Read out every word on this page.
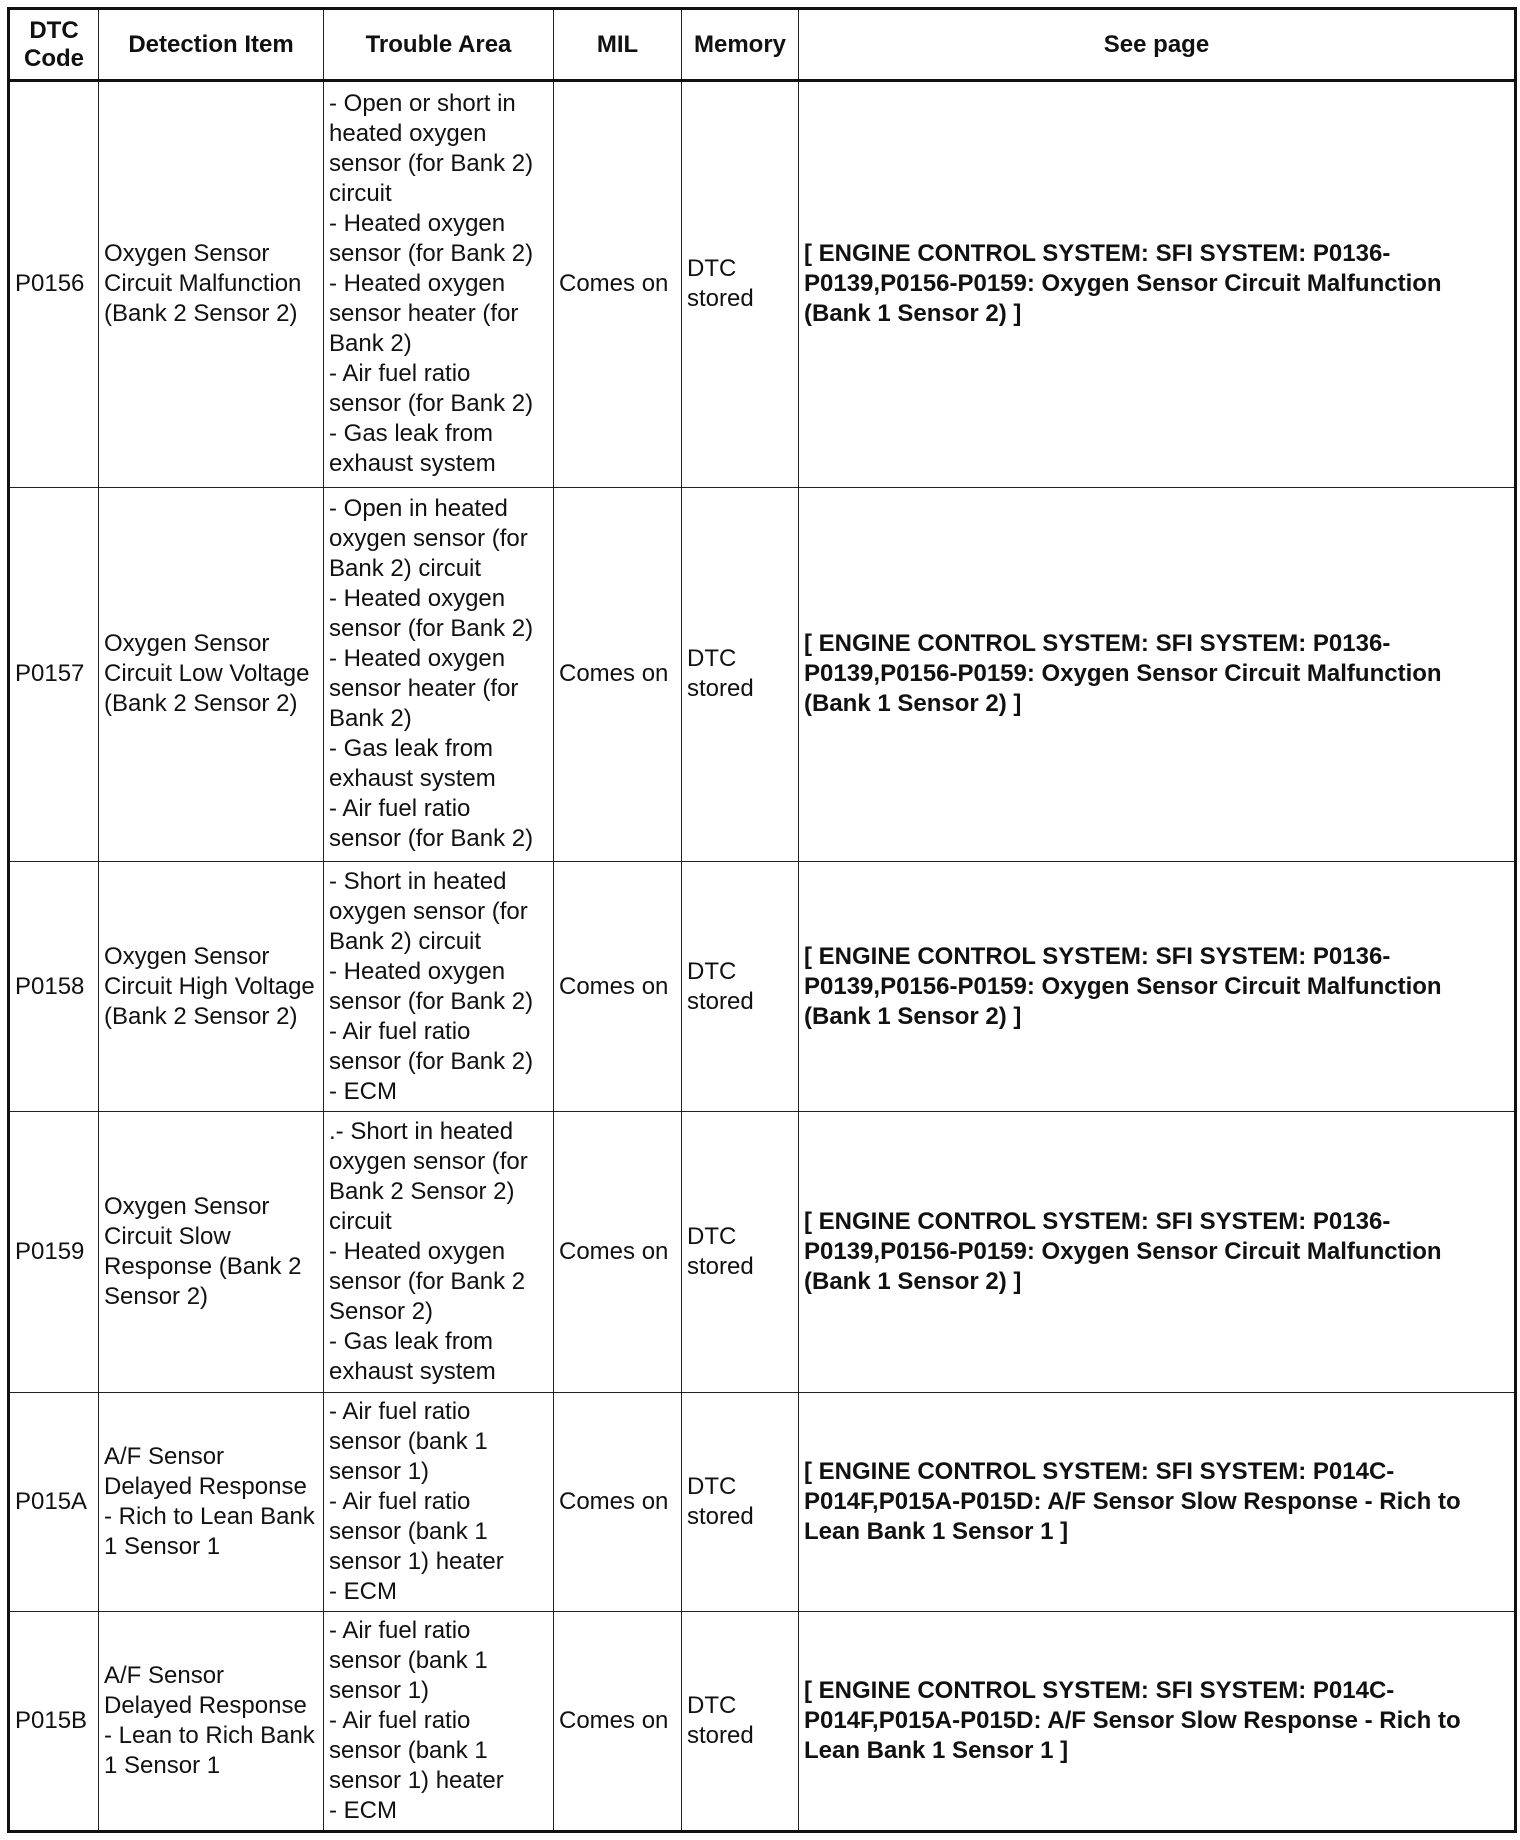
DTC Code	Detection Item	Trouble Area	MIL	Memory	See page
P0156	Oxygen Sensor Circuit Malfunction (Bank 2 Sensor 2)	- Open or short in heated oxygen sensor (for Bank 2) circuit
- Heated oxygen sensor (for Bank 2)
- Heated oxygen sensor heater (for Bank 2)
- Air fuel ratio sensor (for Bank 2)
- Gas leak from exhaust system	Comes on	DTC stored	[ ENGINE CONTROL SYSTEM: SFI SYSTEM: P0136-P0139,P0156-P0159: Oxygen Sensor Circuit Malfunction (Bank 1 Sensor 2) ]
P0157	Oxygen Sensor Circuit Low Voltage (Bank 2 Sensor 2)	- Open in heated oxygen sensor (for Bank 2) circuit
- Heated oxygen sensor (for Bank 2)
- Heated oxygen sensor heater (for Bank 2)
- Gas leak from exhaust system
- Air fuel ratio sensor (for Bank 2)	Comes on	DTC stored	[ ENGINE CONTROL SYSTEM: SFI SYSTEM: P0136-P0139,P0156-P0159: Oxygen Sensor Circuit Malfunction (Bank 1 Sensor 2) ]
P0158	Oxygen Sensor Circuit High Voltage (Bank 2 Sensor 2)	- Short in heated oxygen sensor (for Bank 2) circuit
- Heated oxygen sensor (for Bank 2)
- Air fuel ratio sensor (for Bank 2)
- ECM	Comes on	DTC stored	[ ENGINE CONTROL SYSTEM: SFI SYSTEM: P0136-P0139,P0156-P0159: Oxygen Sensor Circuit Malfunction (Bank 1 Sensor 2) ]
P0159	Oxygen Sensor Circuit Slow Response (Bank 2 Sensor 2)	.- Short in heated oxygen sensor (for Bank 2 Sensor 2) circuit
- Heated oxygen sensor (for Bank 2 Sensor 2)
- Gas leak from exhaust system	Comes on	DTC stored	[ ENGINE CONTROL SYSTEM: SFI SYSTEM: P0136-P0139,P0156-P0159: Oxygen Sensor Circuit Malfunction (Bank 1 Sensor 2) ]
P015A	A/F Sensor Delayed Response - Rich to Lean Bank 1 Sensor 1	- Air fuel ratio sensor (bank 1 sensor 1)
- Air fuel ratio sensor (bank 1 sensor 1) heater
- ECM	Comes on	DTC stored	[ ENGINE CONTROL SYSTEM: SFI SYSTEM: P014C-P014F,P015A-P015D: A/F Sensor Slow Response - Rich to Lean Bank 1 Sensor 1 ]
P015B	A/F Sensor Delayed Response - Lean to Rich Bank 1 Sensor 1	- Air fuel ratio sensor (bank 1 sensor 1)
- Air fuel ratio sensor (bank 1 sensor 1) heater
- ECM	Comes on	DTC stored	[ ENGINE CONTROL SYSTEM: SFI SYSTEM: P014C-P014F,P015A-P015D: A/F Sensor Slow Response - Rich to Lean Bank 1 Sensor 1 ]
